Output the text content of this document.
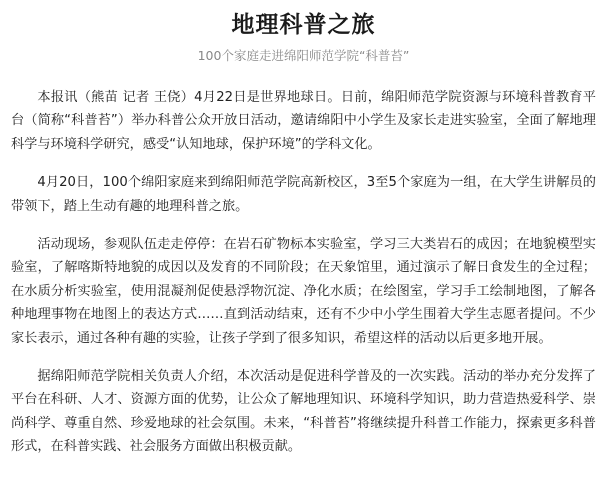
地理科普之旅
100个家庭走进绵阳师范学院“科普苔”

本报讯（熊苗 记者 王侥）4月22日是世界地球日。日前，绵阳师范学院资源与环境科普教育平台（简称“科普苔”）举办科普公众开放日活动，邀请绵阳中小学生及家长走进实验室，全面了解地理科学与环境科学研究，感受“认知地球，保护环境”的学科文化。

4月20日，100个绵阳家庭来到绵阳师范学院高新校区，3至5个家庭为一组，在大学生讲解员的带领下，踏上生动有趣的地理科普之旅。

活动现场，参观队伍走走停停：在岩石矿物标本实验室，学习三大类岩石的成因；在地貌模型实验室，了解喀斯特地貌的成因以及发育的不同阶段；在天象馆里，通过演示了解日食发生的全过程；在水质分析实验室，使用混凝剂促使悬浮物沉淀、净化水质；在绘图室，学习手工绘制地图，了解各种地理事物在地图上的表达方式……直到活动结束，还有不少中小学生围着大学生志愿者提问。不少家长表示，通过各种有趣的实验，让孩子学到了很多知识，希望这样的活动以后更多地开展。

据绵阳师范学院相关负责人介绍，本次活动是促进科学普及的一次实践。活动的举办充分发挥了平台在科研、人才、资源方面的优势，让公众了解地理知识、环境科学知识，助力营造热爱科学、崇尚科学、尊重自然、珍爱地球的社会氛围。未来，“科普苔”将继续提升科普工作能力，探索更多科普形式，在科普实践、社会服务方面做出积极贡献。
